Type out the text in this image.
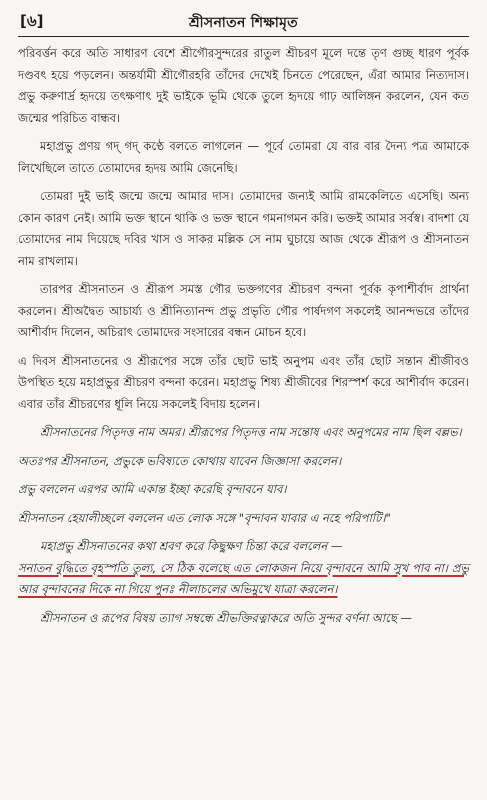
[৬]	শ্রীসনাতন শিক্ষামৃত

পরিবর্ত্তন করে অতি সাধারণ বেশে শ্রীগৌরসুন্দরের রাতুল শ্রীচরণ মূলে দন্তে তৃণ গুচ্ছ ধারণ পূর্বক দণ্ডবৎ হয়ে পড়লেন। অন্তর্যামী শ্রীগৌরহরি তাঁদের দেখেই চিনতে পেরেছেন, এঁরা আমার নিত্যদাস। প্রভু করুণার্দ্র হৃদয়ে তৎক্ষণাৎ দুই ভাইকে ভূমি থেকে তুলে হৃদয়ে গাঢ় আলিঙ্গন করলেন, যেন কত জন্মের পরিচিত বান্ধব।

মহাপ্রভু প্রণয় গদ্ গদ্ কণ্ঠে বলতে লাগলেন — পূর্বে তোমরা যে বার বার দৈন্য পত্র আমাকে লিখেছিলে তাতে তোমাদের হৃদয় আমি জেনেছি।

তোমরা দুই ভাই জন্মে জন্মে আমার দাস। তোমাদের জন্যই আমি রামকেলিতে এসেছি। অন্য কোন কারণ নেই। আমি ভক্ত স্থানে থাকি ও ভক্ত স্থানে গমনাগমন করি। ভক্তই আমার সর্বস্ব। বাদশা যে তোমাদের নাম দিয়েছে দবির খাস ও সাকর মল্লিক সে নাম ঘুচায়ে আজ থেকে শ্রীরূপ ও শ্রীসনাতন নাম রাখলাম।

তারপর শ্রীসনাতন ও শ্রীরূপ সমস্ত গৌর ভক্তগণের শ্রীচরণ বন্দনা পূর্বক কৃপাশীর্বাদ প্রার্থনা করলেন। শ্রীঅদ্বৈত আচার্য্য ও শ্রীনিত্যানন্দ প্রভু প্রভৃতি গৌর পার্ষদগণ সকলেই আনন্দভরে তাঁদের আশীর্বাদ দিলেন, অচিরাৎ তোমাদের সংসারের বন্ধন মোচন হবে।

এ দিবস শ্রীসনাতনের ও শ্রীরূপের সঙ্গে তাঁর ছোট ভাই অনুপম এবং তাঁর ছোট সন্তান শ্রীজীবও উপস্থিত হয়ে মহাপ্রভুর শ্রীচরণ বন্দনা করেন। মহাপ্রভু শিষ্য শ্রীজীবের শিরস্পর্শ করে আশীর্বাদ করেন। এবার তাঁর শ্রীচরণের ধূলি নিয়ে সকলেই বিদায় হলেন।

শ্রীসনাতনের পিতৃদত্ত নাম অমর। শ্রীরূপের পিতৃদত্ত নাম সন্তোষ এবং অনুপমের নাম ছিল বল্লভ।

অতঃপর শ্রীসনাতন, প্রভুকে ভবিষ্যতে কোথায় যাবেন জিজ্ঞাসা করলেন।

প্রভু বললেন এরপর আমি একান্ত ইচ্ছা করেছি বৃন্দাবনে যাব।

শ্রীসনাতন হেয়ালীচ্ছলে বললেন এত লোক সঙ্গে "বৃন্দাবন যাবার এ নহে পরিপাটি।"

মহাপ্রভু শ্রীসনাতনের কথা শ্রবণ করে কিছুক্ষণ চিন্তা করে বললেন —

সনাতন বুদ্ধিতে বৃহস্পতি তুল্য, সে ঠিক বলেছে এত লোকজন নিয়ে বৃন্দাবনে আমি সুখ পাব না। প্রভু আর বৃন্দাবনের দিকে না গিয়ে পুনঃ নীলাচলের অভিমুখে যাত্রা করলেন।

শ্রীসনাতন ও রূপের বিষয় ত্যাগ সম্বন্ধে শ্রীভক্তিরত্নাকরে অতি সুন্দর বর্ণনা আছে —
